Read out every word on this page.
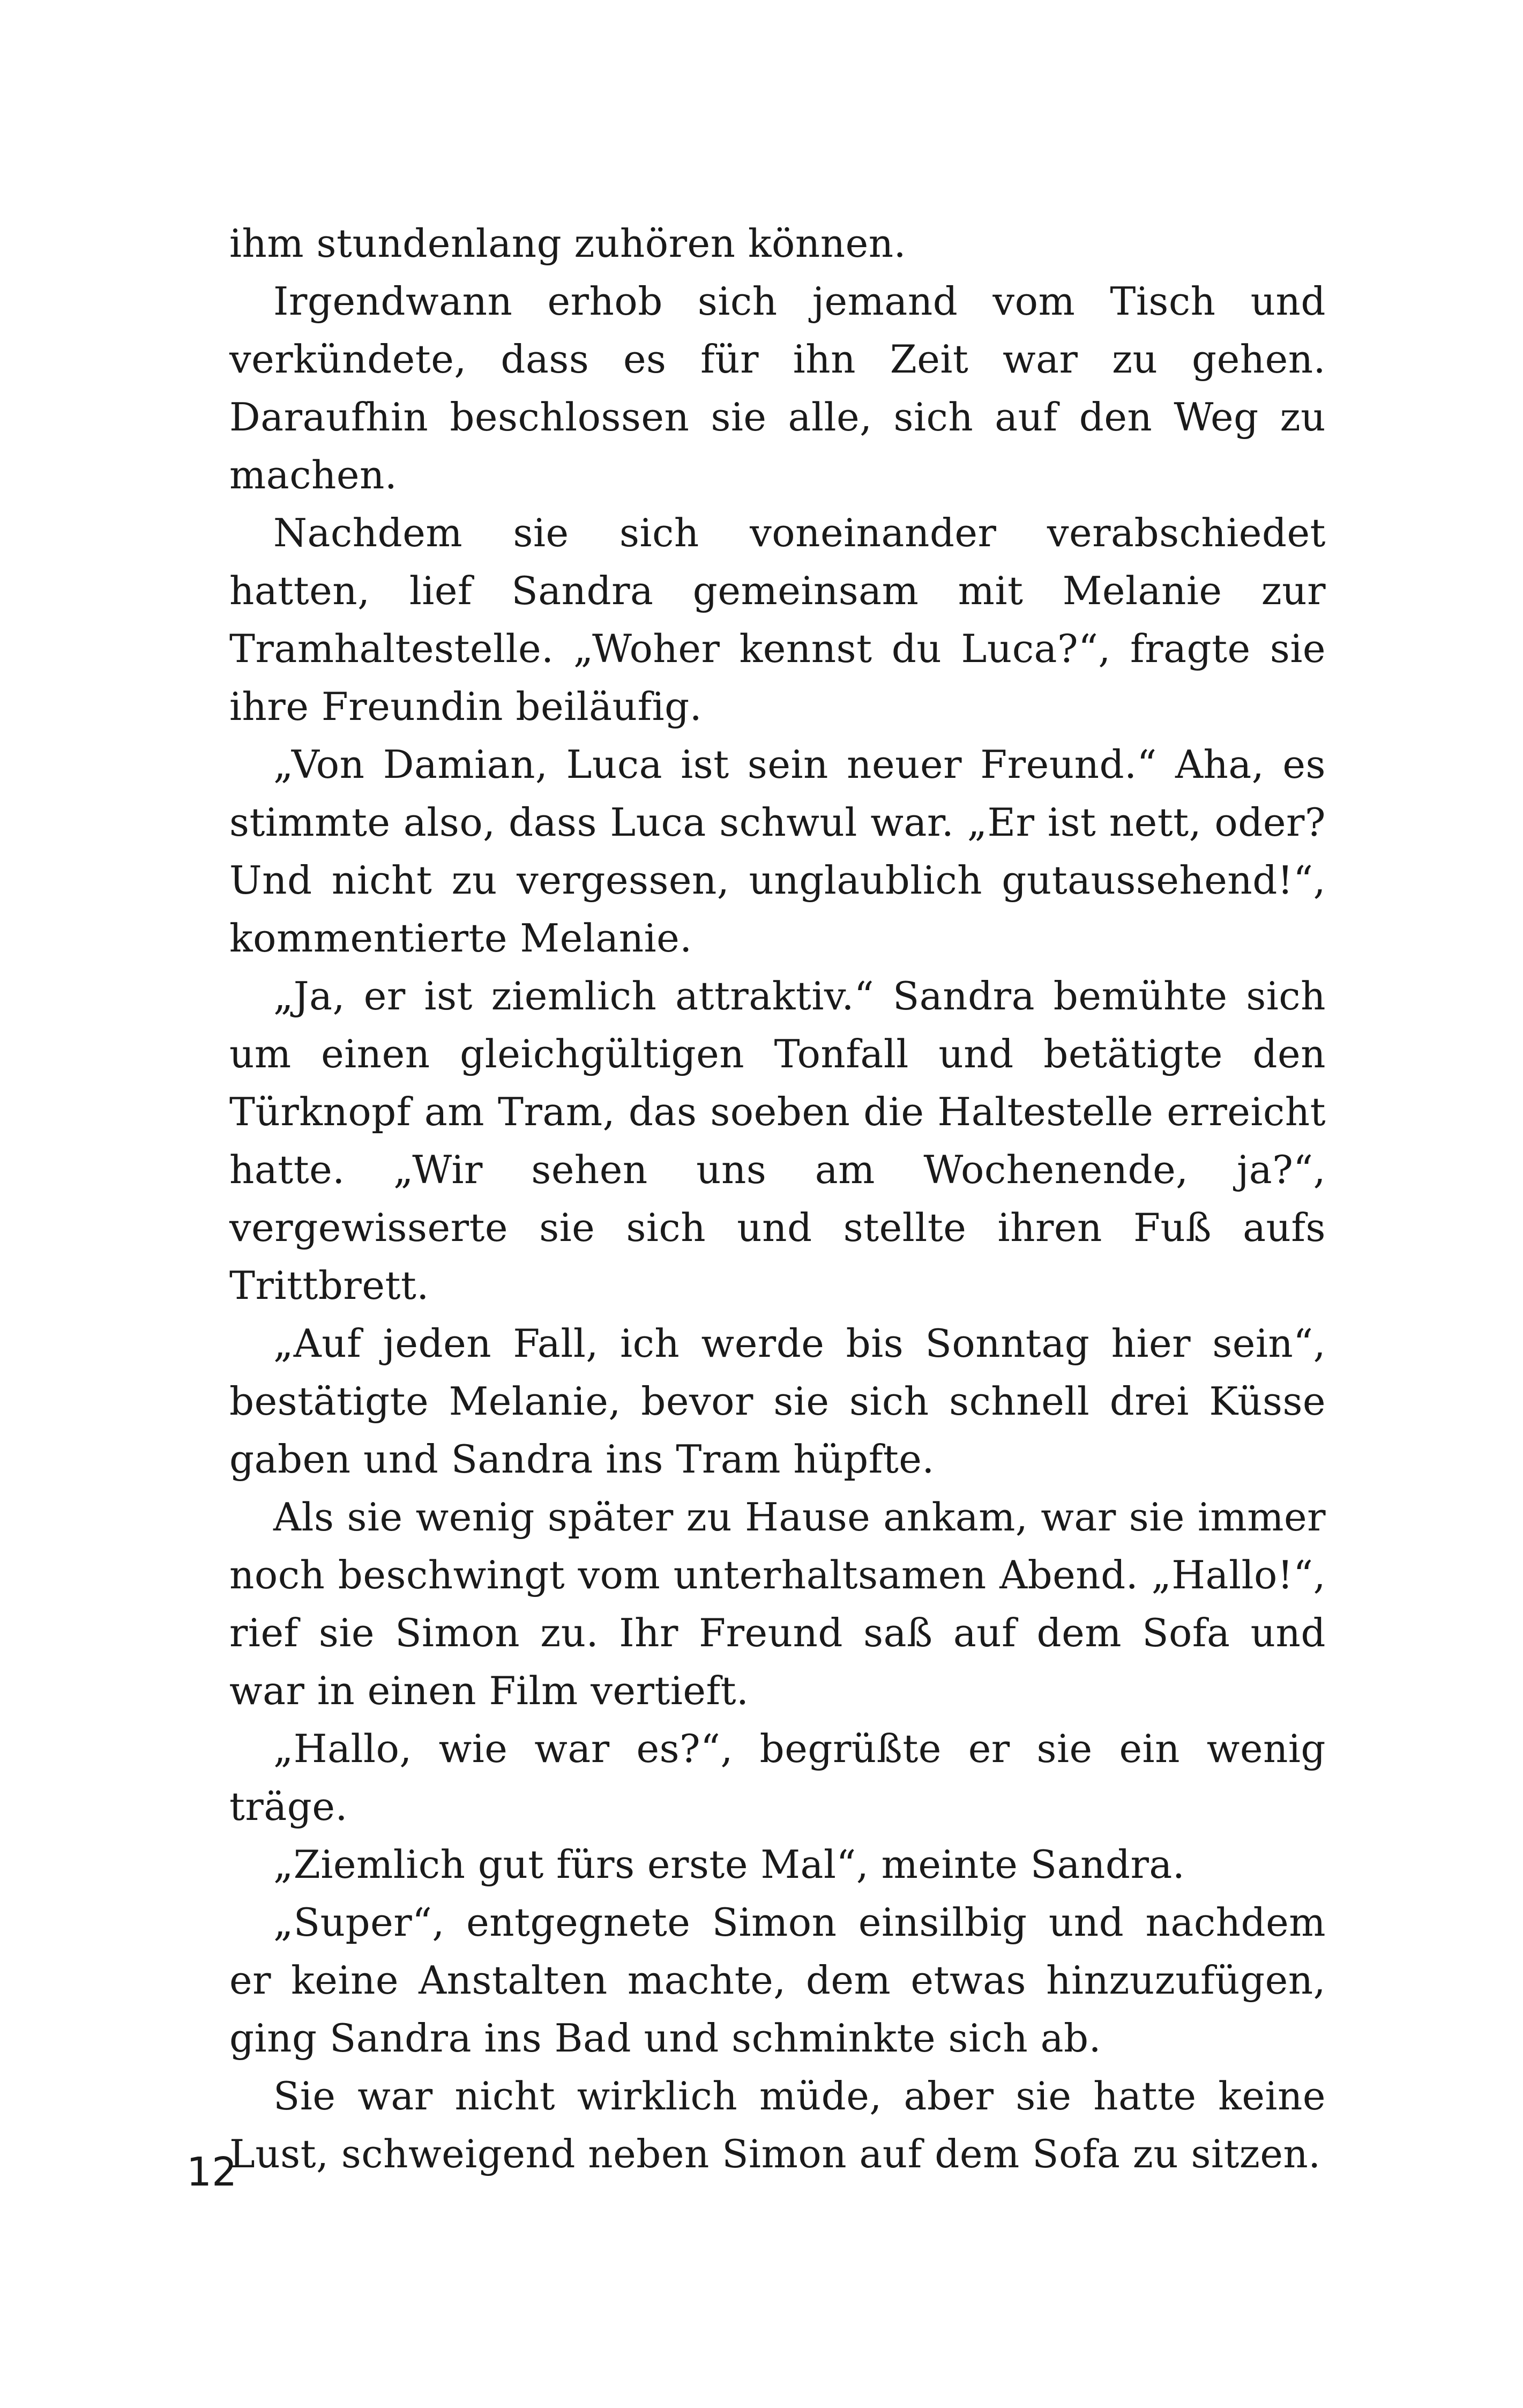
ihm stundenlang zuhören können.

Irgendwann erhob sich jemand vom Tisch und verkündete, dass es für ihn Zeit war zu gehen. Daraufhin beschlossen sie alle, sich auf den Weg zu machen.

Nachdem sie sich voneinander verabschiedet hatten, lief Sandra gemeinsam mit Melanie zur Tramhaltestelle. „Woher kennst du Luca?“, fragte sie ihre Freundin beiläufig.

„Von Damian, Luca ist sein neuer Freund.“ Aha, es stimmte also, dass Luca schwul war. „Er ist nett, oder? Und nicht zu vergessen, unglaublich gutaussehend!“, kommentierte Melanie.

„Ja, er ist ziemlich attraktiv.“ Sandra bemühte sich um einen gleichgültigen Tonfall und betätigte den Türknopf am Tram, das soeben die Haltestelle erreicht hatte. „Wir sehen uns am Wochenende, ja?“, vergewisserte sie sich und stellte ihren Fuß aufs Trittbrett.

„Auf jeden Fall, ich werde bis Sonntag hier sein“, bestätigte Melanie, bevor sie sich schnell drei Küsse gaben und Sandra ins Tram hüpfte.

Als sie wenig später zu Hause ankam, war sie immer noch beschwingt vom unterhaltsamen Abend. „Hallo!“, rief sie Simon zu. Ihr Freund saß auf dem Sofa und war in einen Film vertieft.

„Hallo, wie war es?“, begrüßte er sie ein wenig träge.

„Ziemlich gut fürs erste Mal“, meinte Sandra.

„Super“, entgegnete Simon einsilbig und nachdem er keine Anstalten machte, dem etwas hinzuzufügen, ging Sandra ins Bad und schminkte sich ab.

Sie war nicht wirklich müde, aber sie hatte keine Lust, schweigend neben Simon auf dem Sofa zu sitzen.

12
